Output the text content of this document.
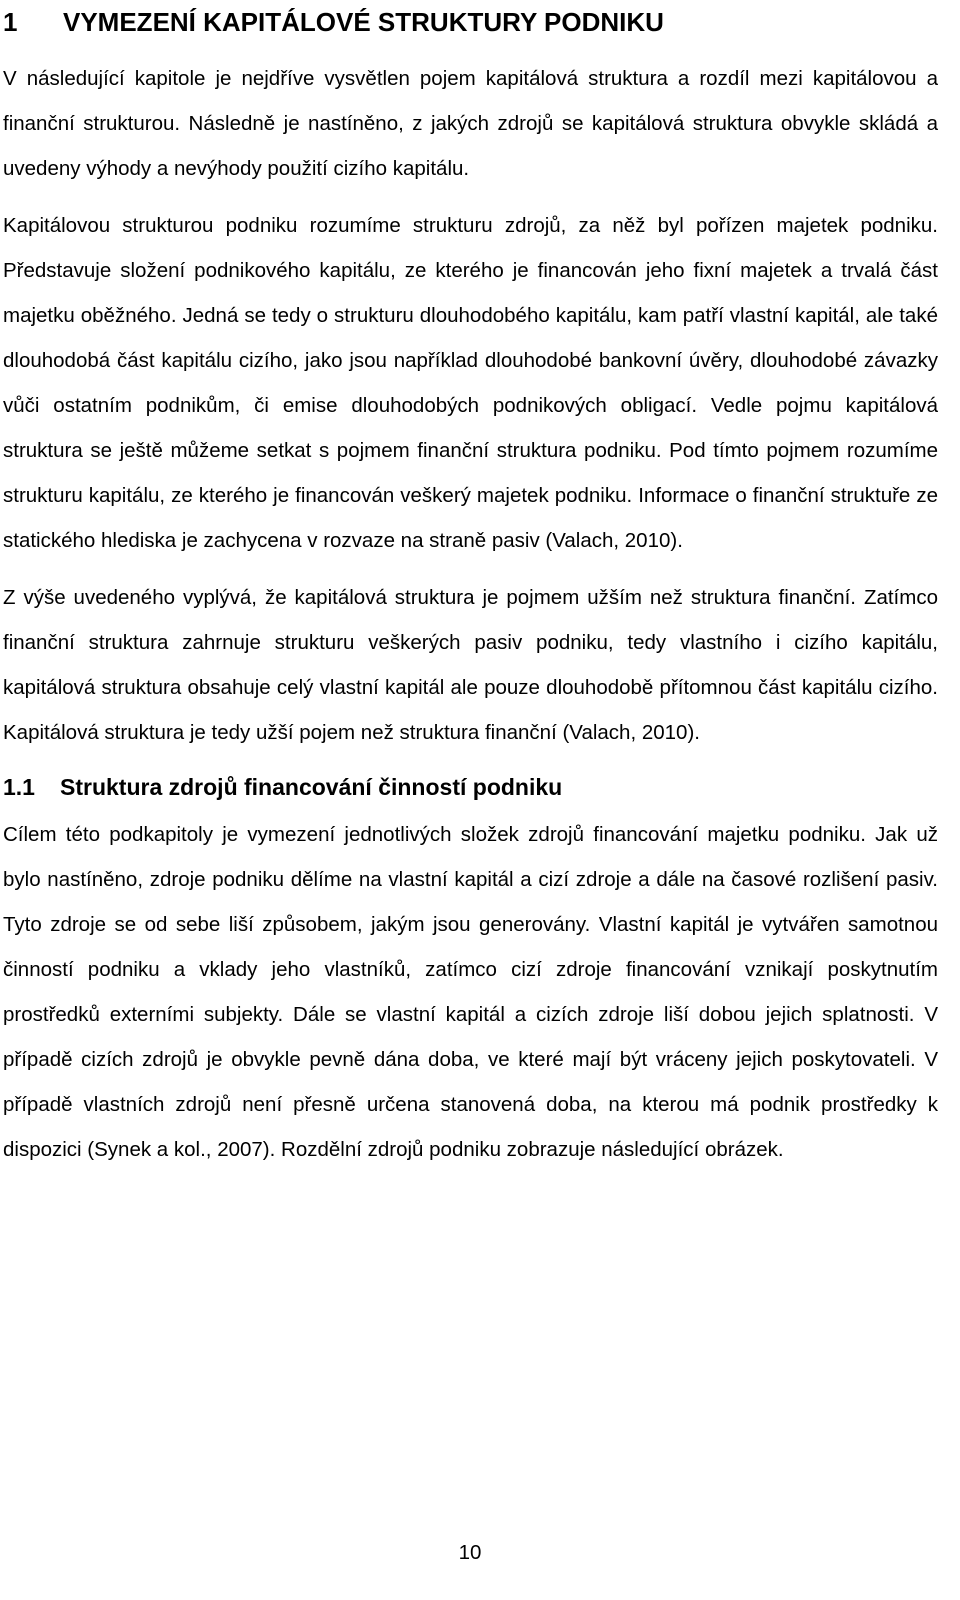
1	VYMEZENÍ KAPITÁLOVÉ STRUKTURY PODNIKU

V následující kapitole je nejdříve vysvětlen pojem kapitálová struktura a rozdíl mezi kapitálovou a finanční strukturou. Následně je nastíněno, z jakých zdrojů se kapitálová struktura obvykle skládá a uvedeny výhody a nevýhody použití cizího kapitálu.

Kapitálovou strukturou podniku rozumíme strukturu zdrojů, za něž byl pořízen majetek podniku. Představuje složení podnikového kapitálu, ze kterého je financován jeho fixní majetek a trvalá část majetku oběžného. Jedná se tedy o strukturu dlouhodobého kapitálu, kam patří vlastní kapitál, ale také dlouhodobá část kapitálu cizího, jako jsou například dlouhodobé bankovní úvěry, dlouhodobé závazky vůči ostatním podnikům, či emise dlouhodobých podnikových obligací. Vedle pojmu kapitálová struktura se ještě můžeme setkat s pojmem finanční struktura podniku. Pod tímto pojmem rozumíme strukturu kapitálu, ze kterého je financován veškerý majetek podniku. Informace o finanční struktuře ze statického hlediska je zachycena v rozvaze na straně pasiv (Valach, 2010).

Z výše uvedeného vyplývá, že kapitálová struktura je pojmem užším než struktura finanční. Zatímco finanční struktura zahrnuje strukturu veškerých pasiv podniku, tedy vlastního i cizího kapitálu, kapitálová struktura obsahuje celý vlastní kapitál ale pouze dlouhodobě přítomnou část kapitálu cizího. Kapitálová struktura je tedy užší pojem než struktura finanční (Valach, 2010).

1.1	Struktura zdrojů financování činností podniku

Cílem této podkapitoly je vymezení jednotlivých složek zdrojů financování majetku podniku. Jak už bylo nastíněno, zdroje podniku dělíme na vlastní kapitál a cizí zdroje a dále na časové rozlišení pasiv. Tyto zdroje se od sebe liší způsobem, jakým jsou generovány. Vlastní kapitál je vytvářen samotnou činností podniku a vklady jeho vlastníků, zatímco cizí zdroje financování vznikají poskytnutím prostředků externími subjekty. Dále se vlastní kapitál a cizích zdroje liší dobou jejich splatnosti. V případě cizích zdrojů je obvykle pevně dána doba, ve které mají být vráceny jejich poskytovateli. V případě vlastních zdrojů není přesně určena stanovená doba, na kterou má podnik prostředky k dispozici (Synek a kol., 2007). Rozdělní zdrojů podniku zobrazuje následující obrázek.

10
